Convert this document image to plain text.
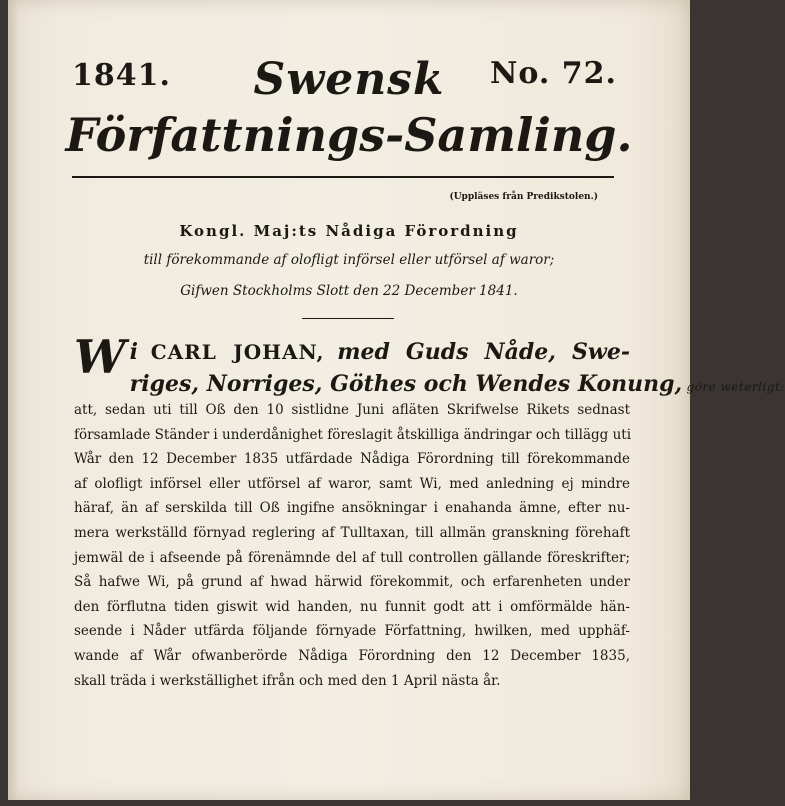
1841.	No. 72.
Swensk
Författnings-Samling.
(Uppläses från Predikstolen.)
Kongl. Maj:ts Nådiga Förordning
till förekommande af olofligt införsel eller utförsel af waror;
Gifwen Stockholms Slott den 22 December 1841.
W i CARL JOHAN, med Guds Nåde, Swe-
riges, Norriges, Göthes och Wendes Konung, göre weterligt:
att, sedan uti till Oß den 10 sistlidne Juni afläten Skrifwelse Rikets sednast
församlade Ständer i underdånighet föreslagit åtskilliga ändringar och tillägg uti
Wår den 12 December 1835 utfärdade Nådiga Förordning till förekommande
af olofligt införsel eller utförsel af waror, samt Wi, med anledning ej mindre
häraf, än af serskilda till Oß ingifne ansökningar i enahanda ämne, efter nu-
mera werkställd förnyad reglering af Tulltaxan, till allmän granskning förehaft
jemwäl de i afseende på förenämnde del af tull controllen gällande föreskrifter;
Så hafwe Wi, på grund af hwad härwid förekommit, och erfarenheten under
den förflutna tiden giswit wid handen, nu funnit godt att i omförmälde hän-
seende i Nåder utfärda följande förnyade Författning, hwilken, med upphäf-
wande af Wår ofwanberörde Nådiga Förordning den 12 December 1835,
skall träda i werkställighet ifrån och med den 1 April nästa år.
